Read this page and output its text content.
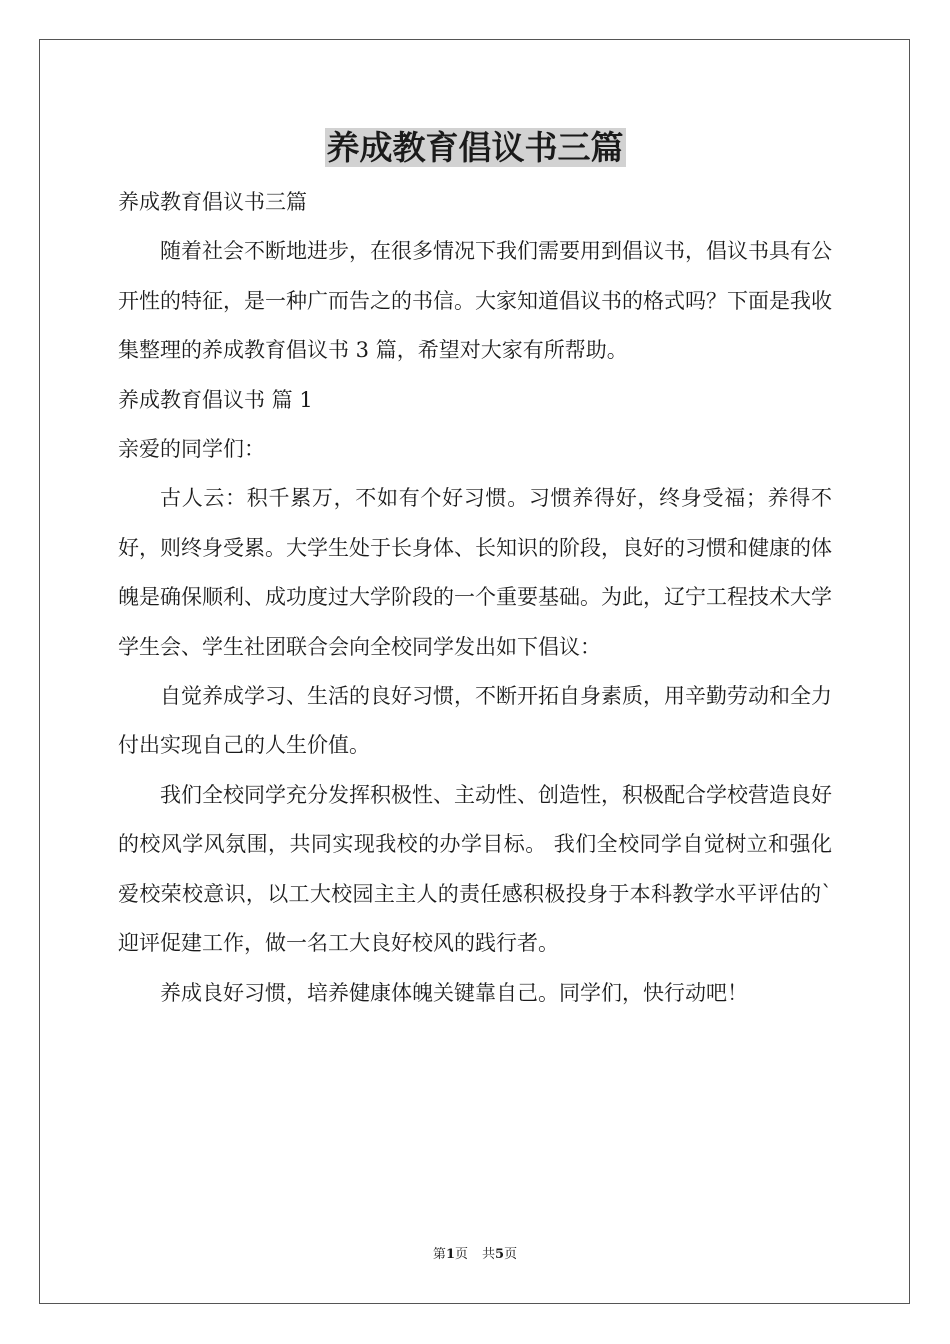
养成教育倡议书三篇

养成教育倡议书三篇

随着社会不断地进步，在很多情况下我们需要用到倡议书，倡议书具有公开性的特征，是一种广而告之的书信。大家知道倡议书的格式吗？下面是我收集整理的养成教育倡议书 3 篇，希望对大家有所帮助。

养成教育倡议书 篇 1

亲爱的同学们：

古人云：积千累万，不如有个好习惯。习惯养得好，终身受福；养得不好，则终身受累。大学生处于长身体、长知识的阶段，良好的习惯和健康的体魄是确保顺利、成功度过大学阶段的一个重要基础。为此，辽宁工程技术大学学生会、学生社团联合会向全校同学发出如下倡议：

自觉养成学习、生活的良好习惯，不断开拓自身素质，用辛勤劳动和全力付出实现自己的人生价值。

我们全校同学充分发挥积极性、主动性、创造性，积极配合学校营造良好的校风学风氛围，共同实现我校的办学目标。 我们全校同学自觉树立和强化爱校荣校意识，以工大校园主主人的责任感积极投身于本科教学水平评估的`迎评促建工作，做一名工大良好校风的践行者。

养成良好习惯，培养健康体魄关键靠自己。同学们，快行动吧！

第1页 共5页
